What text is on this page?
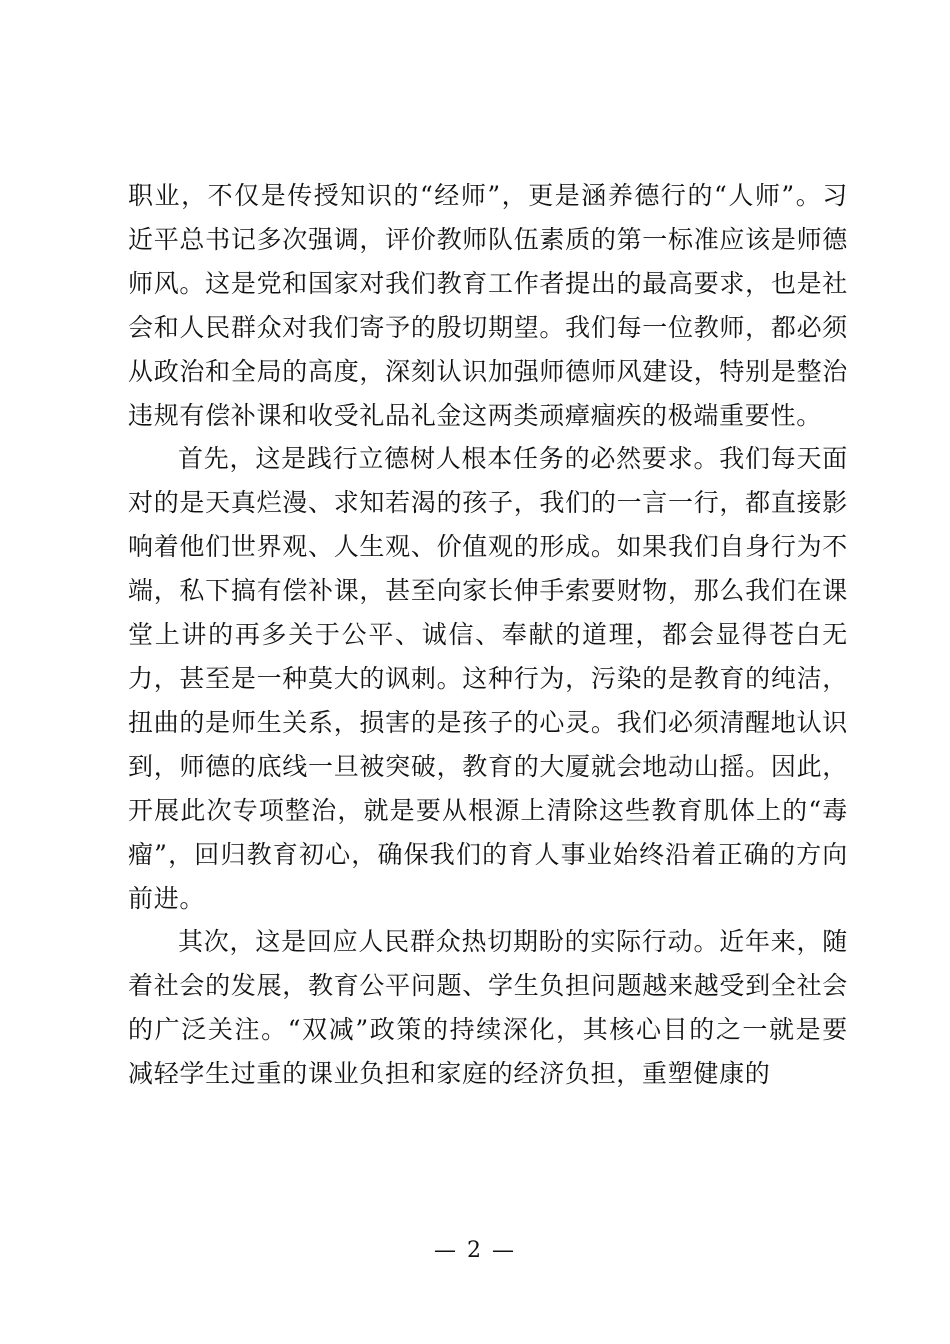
职业，不仅是传授知识的“经师”，更是涵养德行的“人师”。习近平总书记多次强调，评价教师队伍素质的第一标准应该是师德师风。这是党和国家对我们教育工作者提出的最高要求，也是社会和人民群众对我们寄予的殷切期望。我们每一位教师，都必须从政治和全局的高度，深刻认识加强师德师风建设，特别是整治违规有偿补课和收受礼品礼金这两类顽瘴痼疾的极端重要性。

首先，这是践行立德树人根本任务的必然要求。我们每天面对的是天真烂漫、求知若渴的孩子，我们的一言一行，都直接影响着他们世界观、人生观、价值观的形成。如果我们自身行为不端，私下搞有偿补课，甚至向家长伸手索要财物，那么我们在课堂上讲的再多关于公平、诚信、奉献的道理，都会显得苍白无力，甚至是一种莫大的讽刺。这种行为，污染的是教育的纯洁，扭曲的是师生关系，损害的是孩子的心灵。我们必须清醒地认识到，师德的底线一旦被突破，教育的大厦就会地动山摇。因此，开展此次专项整治，就是要从根源上清除这些教育肌体上的“毒瘤”，回归教育初心，确保我们的育人事业始终沿着正确的方向前进。

其次，这是回应人民群众热切期盼的实际行动。近年来，随着社会的发展，教育公平问题、学生负担问题越来越受到全社会的广泛关注。“双减”政策的持续深化，其核心目的之一就是要减轻学生过重的课业负担和家庭的经济负担，重塑健康的

— 2 —
